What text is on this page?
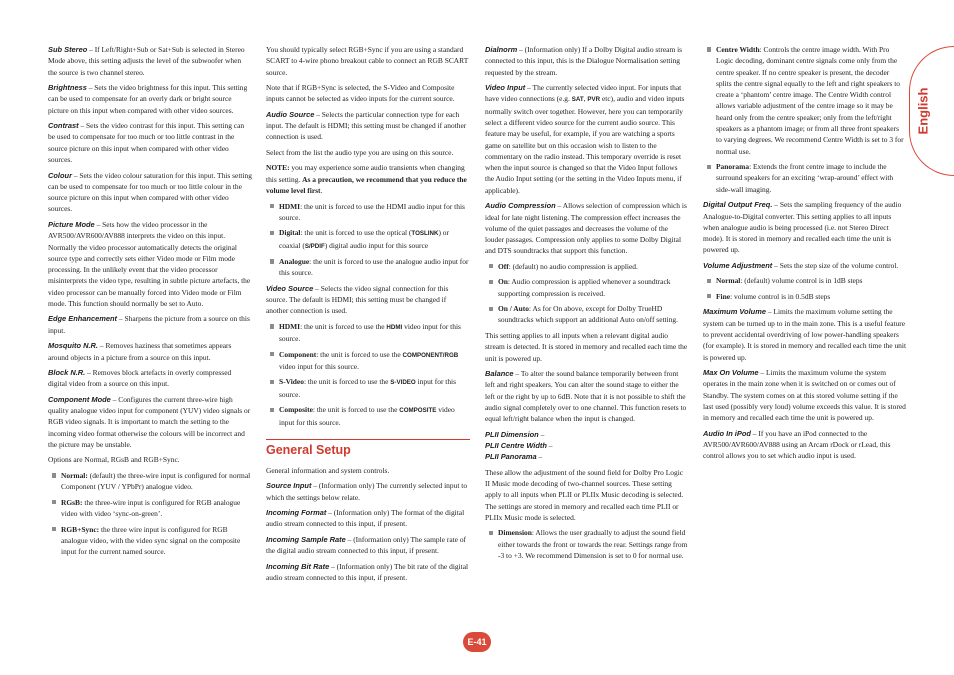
English

Sub Stereo – If Left/Right+Sub or Sat+Sub is selected in Stereo Mode above, this setting adjusts the level of the subwoofer when the source is two channel stereo.

Brightness – Sets the video brightness for this input. This setting can be used to compensate for an overly dark or bright source picture on this input when compared with other video sources.

Contrast – Sets the video contrast for this input. This setting can be used to compensate for too much or too little contrast in the source picture on this input when compared with other video sources.

Colour – Sets the video colour saturation for this input. This setting can be used to compensate for too much or too little colour in the source picture on this input when compared with other video sources.

Picture Mode – Sets how the video processor in the AVR500/AVR600/AV888 interprets the video on this input. Normally the video processor automatically detects the original source type and correctly sets either Video mode or Film mode processing. In the unlikely event that the video processor misinterprets the video type, resulting in subtle picture artefacts, the video processor can be manually forced into Video mode or Film mode. This function should normally be set to Auto.

Edge Enhancement – Sharpens the picture from a source on this input.

Mosquito N.R. – Removes haziness that sometimes appears around objects in a picture from a source on this input.

Block N.R. – Removes block artefacts in overly compressed digital video from a source on this input.

Component Mode – Configures the current three-wire high quality analogue video input for component (YUV) video signals or RGB video signals. It is important to match the setting to the incoming video format otherwise the colours will be incorrect and the picture may be unstable.

Options are Normal, RGsB and RGB+Sync.

Normal: (default) the three-wire input is configured for normal Component (YUV / YPbPr) analogue video.
RGsB: the three-wire input is configured for RGB analogue video with video ‘sync-on-green’.
RGB+Sync: the three wire input is configured for RGB analogue video, with the video sync signal on the composite input for the current named source.

You should typically select RGB+Sync if you are using a standard SCART to 4-wire phono breakout cable to connect an RGB SCART source.

Note that if RGB+Sync is selected, the S-Video and Composite inputs cannot be selected as video inputs for the current source.

Audio Source – Selects the particular connection type for each input. The default is HDMI; this setting must be changed if another connection is used.

Select from the list the audio type you are using on this source.

NOTE: you may experience some audio transients when changing this setting. As a precaution, we recommend that you reduce the volume level first.

HDMI: the unit is forced to use the HDMI audio input for this source.
Digital: the unit is forced to use the optical (TOSLINK) or coaxial (S/PDIF) digital audio input for this source
Analogue: the unit is forced to use the analogue audio input for this source.

Video Source – Selects the video signal connection for this source. The default is HDMI; this setting must be changed if another connection is used.

HDMI: the unit is forced to use the HDMI video input for this source.
Component: the unit is forced to use the COMPONENT/RGB video input for this source.
S-Video: the unit is forced to use the S-VIDEO input for this source.
Composite: the unit is forced to use the COMPOSITE video input for this source.
General Setup

General information and system controls.

Source Input – (Information only) The currently selected input to which the settings below relate.

Incoming Format – (Information only) The format of the digital audio stream connected to this input, if present.

Incoming Sample Rate – (Information only) The sample rate of the digital audio stream connected to this input, if present.

Incoming Bit Rate – (Information only) The bit rate of the digital audio stream connected to this input, if present.

Dialnorm – (Information only) If a Dolby Digital audio stream is connected to this input, this is the Dialogue Normalisation setting requested by the stream.

Video Input – The currently selected video input. For inputs that have video connections (e.g. SAT, PVR etc), audio and video inputs normally switch over together. However, here you can temporarily select a different video source for the current audio source. This feature may be useful, for example, if you are watching a sports game on satellite but on this occasion wish to listen to the commentary on the radio instead. This temporary override is reset when the input source is changed so that the Video Input follows the Audio Input setting (or the setting in the Video Inputs menu, if applicable).

Audio Compression – Allows selection of compression which is ideal for late night listening. The compression effect increases the volume of the quiet passages and decreases the volume of the louder passages. Compression only applies to some Dolby Digital and DTS soundtracks that support this function.

Off: (default) no audio compression is applied.
On: Audio compression is applied whenever a soundtrack supporting compression is received.
On / Auto: As for On above, except for Dolby TrueHD soundtracks which support an additional Auto on/off setting.

This setting applies to all inputs when a relevant digital audio stream is detected. It is stored in memory and recalled each time the unit is powered up.

Balance – To alter the sound balance temporarily between front left and right speakers. You can alter the sound stage to either the left or the right by up to 6dB. Note that it is not possible to shift the audio signal completely over to one channel. This function resets to equal left/right balance when the input is changed.

PLII Dimension –
PLII Centre Width –
PLII Panorama –

These allow the adjustment of the sound field for Dolby Pro Logic II Music mode decoding of two-channel sources. These setting apply to all inputs when PLII or PLIIx Music decoding is selected. The settings are stored in memory and recalled each time PLII or PLIIx Music mode is selected.

Dimension: Allows the user gradually to adjust the sound field either towards the front or towards the rear. Settings range from -3 to +3. We recommend Dimension is set to 0 for normal use.
Centre Width: Controls the centre image width. With Pro Logic decoding, dominant centre signals come only from the centre speaker. If no centre speaker is present, the decoder splits the centre signal equally to the left and right speakers to create a ‘phantom’ centre image. The Centre Width control allows variable adjustment of the centre image so it may be heard only from the centre speaker; only from the left/right speakers as a phantom image; or from all three front speakers to varying degrees. We recommend Centre Width is set to 3 for normal use.
Panorama: Extends the front centre image to include the surround speakers for an exciting ‘wrap-around’ effect with side-wall imaging.

Digital Output Freq. – Sets the sampling frequency of the audio Analogue-to-Digital converter. This setting applies to all inputs when analogue audio is being processed (i.e. not Stereo Direct mode). It is stored in memory and recalled each time the unit is powered up.

Volume Adjustment – Sets the step size of the volume control.

Normal: (default) volume control is in 1dB steps
Fine: volume control is in 0.5dB steps

Maximum Volume – Limits the maximum volume setting the system can be turned up to in the main zone. This is a useful feature to prevent accidental overdriving of low power-handling speakers (for example). It is stored in memory and recalled each time the unit is powered up.

Max On Volume – Limits the maximum volume the system operates in the main zone when it is switched on or comes out of Standby. The system comes on at this stored volume setting if the last used (possibly very loud) volume exceeds this value. It is stored in memory and recalled each time the unit is powered up.

Audio In iPod – If you have an iPod connected to the AVR500/AVR600/AV888 using an Arcam rDock or rLead, this control allows you to set which audio input is used.

E-41
